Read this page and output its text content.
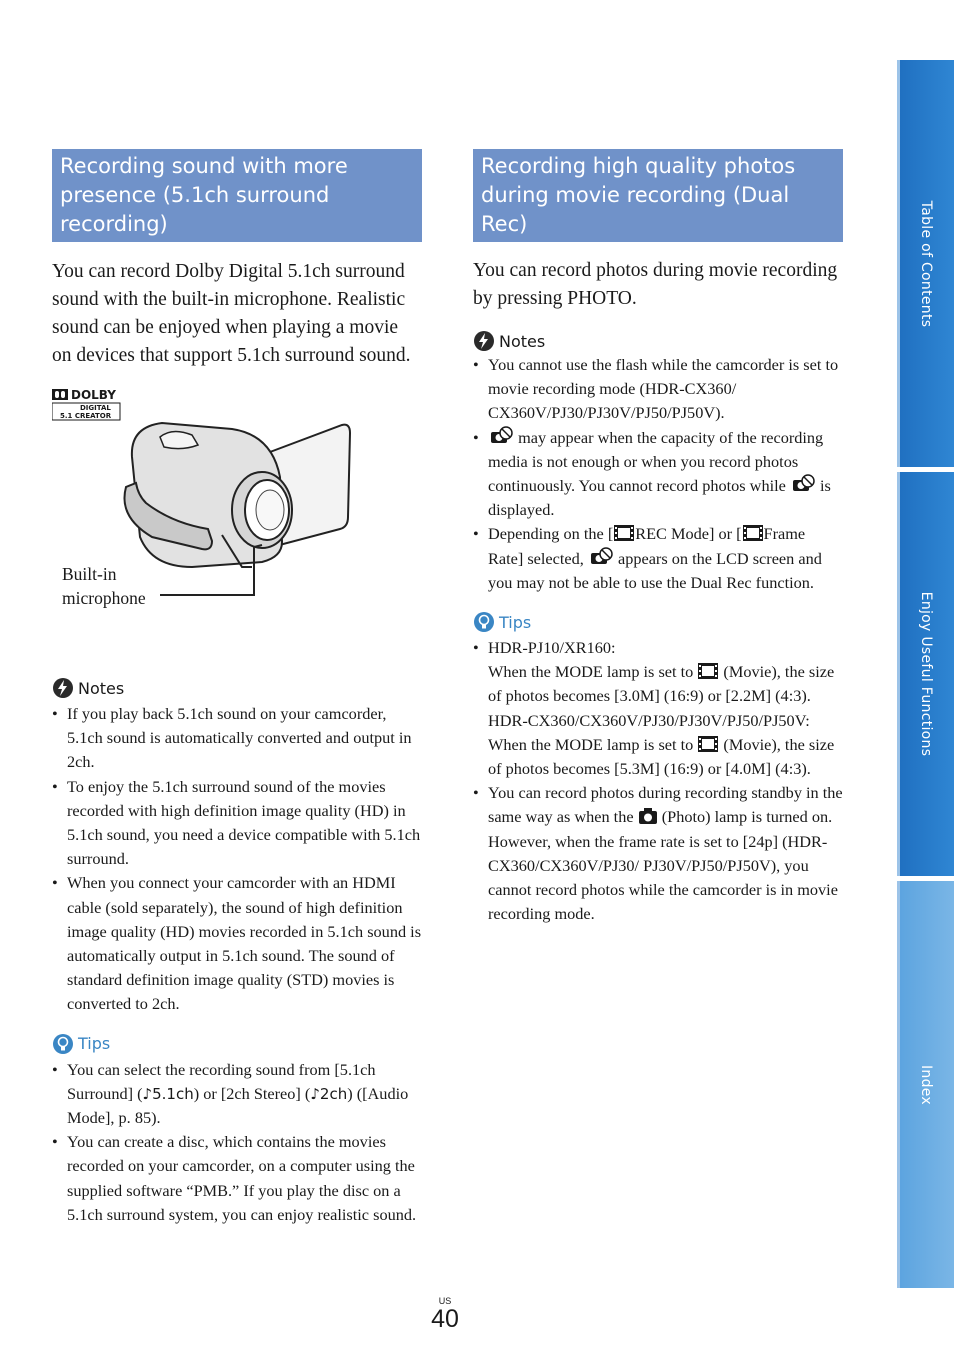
Recording sound with more presence (5.1ch surround recording)

You can record Dolby Digital 5.1ch surround sound with the built-in microphone. Realistic sound can be enjoyed when playing a movie on devices that support 5.1ch surround sound.

DOLBY
DIGITAL
5.1 CREATOR
Built-in microphone
Notes
• If you play back 5.1ch sound on your camcorder, 5.1ch sound is automatically converted and output in 2ch.
• To enjoy the 5.1ch surround sound of the movies recorded with high definition image quality (HD) in 5.1ch sound, you need a device compatible with 5.1ch surround.
• When you connect your camcorder with an HDMI cable (sold separately), the sound of high definition image quality (HD) movies recorded in 5.1ch sound is automatically output in 5.1ch sound. The sound of standard definition image quality (STD) movies is converted to 2ch.
Tips
• You can select the recording sound from [5.1ch Surround] (♪5.1ch) or [2ch Stereo] (♪2ch) ([Audio Mode], p. 85).
• You can create a disc, which contains the movies recorded on your camcorder, on a computer using the supplied software “PMB.” If you play the disc on a 5.1ch surround system, you can enjoy realistic sound.
Recording high quality photos during movie recording (Dual Rec)

You can record photos during movie recording by pressing PHOTO.

Notes
• You cannot use the flash while the camcorder is set to movie recording mode (HDR-CX360/ CX360V/PJ30/PJ30V/PJ50/PJ50V).
• may appear when the capacity of the recording media is not enough or when you record photos continuously. You cannot record photos while  is displayed.
• Depending on the [ REC Mode] or [ Frame Rate] selected,  appears on the LCD screen and you may not be able to use the Dual Rec function.
Tips
• HDR-PJ10/XR160:
When the MODE lamp is set to  (Movie), the size of photos becomes [3.0M] (16:9) or [2.2M] (4:3).
HDR-CX360/CX360V/PJ30/PJ30V/PJ50/PJ50V:
When the MODE lamp is set to  (Movie), the size of photos becomes [5.3M] (16:9) or [4.0M] (4:3).
• You can record photos during recording standby in the same way as when the  (Photo) lamp is turned on. However, when the frame rate is set to [24p] (HDR-CX360/CX360V/PJ30/ PJ30V/PJ50/PJ50V), you cannot record photos while the camcorder is in movie recording mode.
Table of Contents
Enjoy Useful Functions
Index
US
40
